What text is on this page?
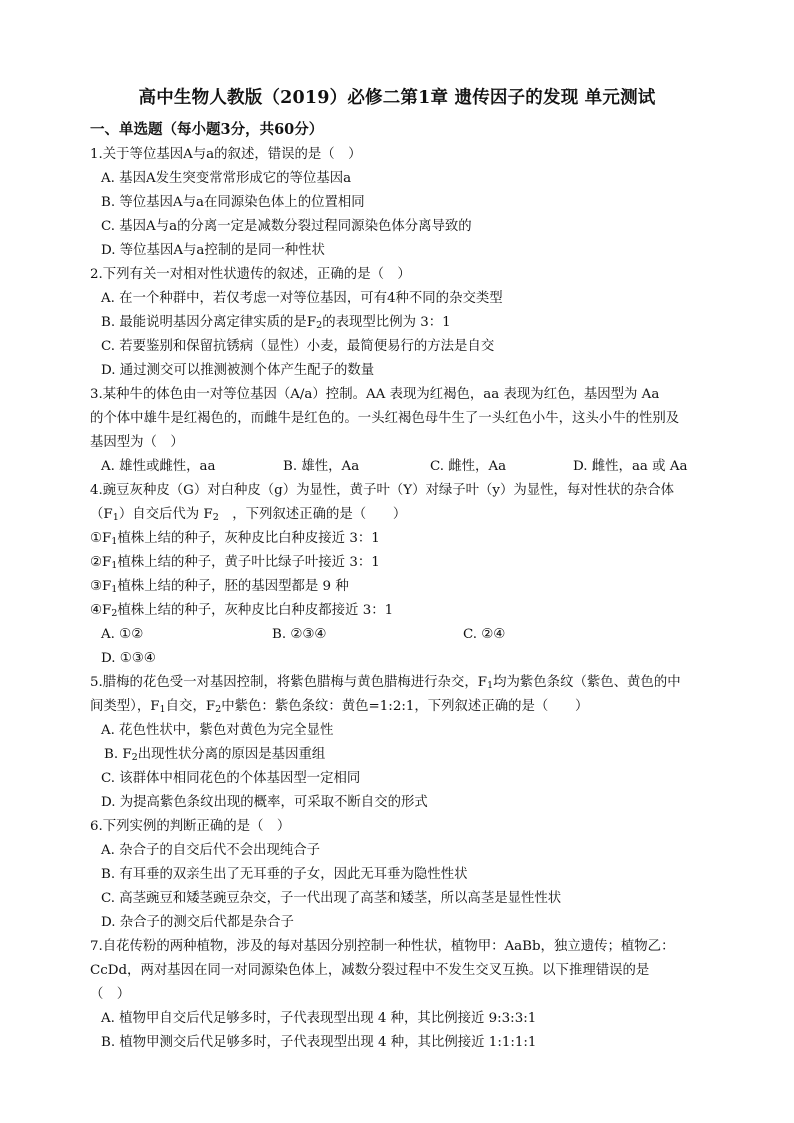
高中生物人教版（2019）必修二第1章 遗传因子的发现 单元测试
一、单选题（每小题3分，共60分）

1.关于等位基因A与a的叙述，错误的是（　）

A. 基因A发生突变常常形成它的等位基因a

B. 等位基因A与a在同源染色体上的位置相同

C. 基因A与a的分离一定是减数分裂过程同源染色体分离导致的

D. 等位基因A与a控制的是同一种性状

2.下列有关一对相对性状遗传的叙述，正确的是（　）

A. 在一个种群中，若仅考虑一对等位基因，可有4种不同的杂交类型

B. 最能说明基因分离定律实质的是$F_2$的表现型比例为 3：1

C. 若要鉴别和保留抗锈病（显性）小麦，最简便易行的方法是自交

D. 通过测交可以推测被测个体产生配子的数量

3.某种牛的体色由一对等位基因（A/a）控制。AA 表现为红褐色，aa 表现为红色，基因型为 Aa

的个体中雄牛是红褐色的，而雌牛是红色的。一头红褐色母牛生了一头红色小牛，这头小牛的性别及

基因型为（　）

A. 雄性或雌性，aa	B. 雄性，Aa	C. 雌性，Aa	D. 雌性，aa 或 Aa

4.豌豆灰种皮（G）对白种皮（g）为显性，黄子叶（Y）对绿子叶（y）为显性，每对性状的杂合体

$(F_1)$自交后代为 $F_2$　，下列叙述正确的是（　　）

$①F_1$植株上结的种子，灰种皮比白种皮接近 3：1

$②F_1$植株上结的种子，黄子叶比绿子叶接近 3：1

$③F_1$植株上结的种子，胚的基因型都是 9 种

$④F_2$植株上结的种子，灰种皮比白种皮都接近 3：1

A. ①②	B. ②③④	C. ②④

D. ①③④

5.腊梅的花色受一对基因控制，将紫色腊梅与黄色腊梅进行杂交，$F_1$均为紫色条纹（紫色、黄色的中

间类型），$F_1$自交，$F_2$中紫色：紫色条纹：黄色=1:2:1，下列叙述正确的是（　　）

A. 花色性状中，紫色对黄色为完全显性

B. $F_2$出现性状分离的原因是基因重组

C. 该群体中相同花色的个体基因型一定相同

D. 为提高紫色条纹出现的概率，可采取不断自交的形式

6.下列实例的判断正确的是（　）

A. 杂合子的自交后代不会出现纯合子

B. 有耳垂的双亲生出了无耳垂的子女，因此无耳垂为隐性性状

C. 高茎豌豆和矮茎豌豆杂交，子一代出现了高茎和矮茎，所以高茎是显性性状

D. 杂合子的测交后代都是杂合子

7.自花传粉的两种植物，涉及的每对基因分别控制一种性状，植物甲：AaBb，独立遗传；植物乙：

CcDd，两对基因在同一对同源染色体上，减数分裂过程中不发生交叉互换。以下推理错误的是

（　）

A. 植物甲自交后代足够多时，子代表现型出现 4 种，其比例接近 9:3:3:1

B. 植物甲测交后代足够多时，子代表现型出现 4 种，其比例接近 1:1:1:1
